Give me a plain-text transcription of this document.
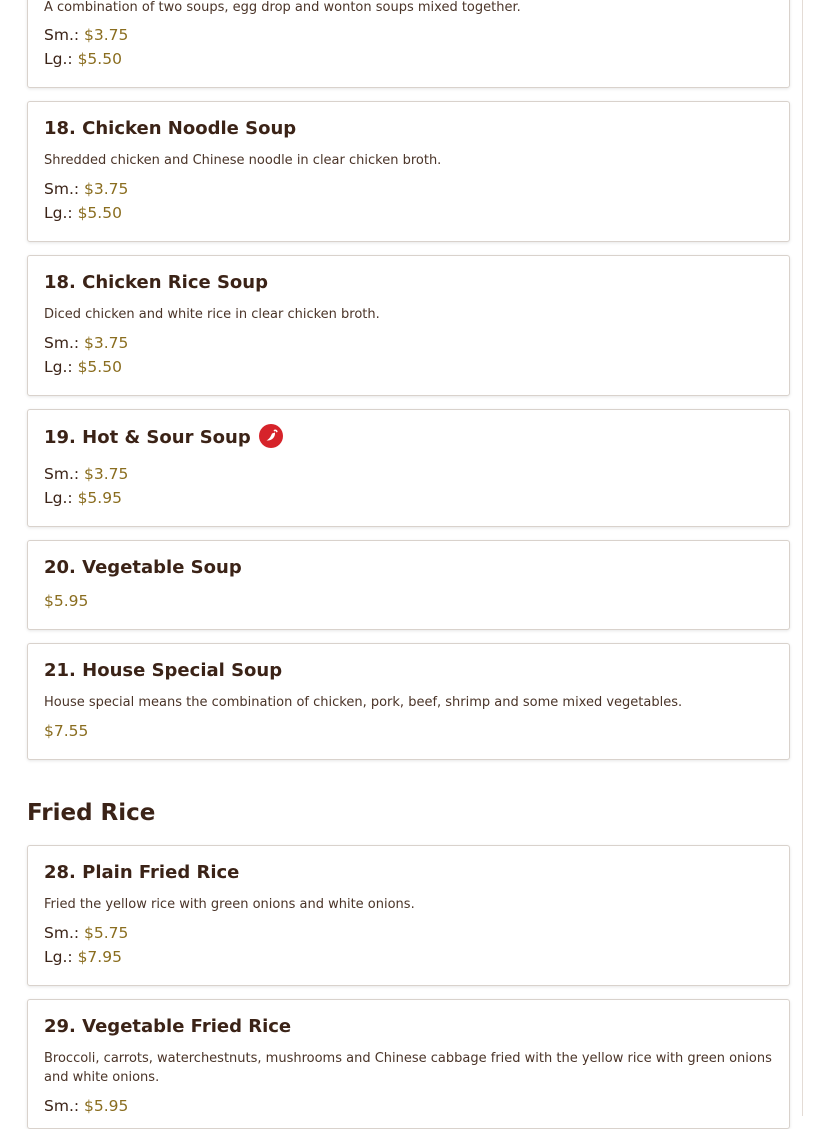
A combination of two soups, egg drop and wonton soups mixed together.
Sm.: $3.75
Lg.: $5.50
18. Chicken Noodle Soup
Shredded chicken and Chinese noodle in clear chicken broth.
Sm.: $3.75
Lg.: $5.50
18. Chicken Rice Soup
Diced chicken and white rice in clear chicken broth.
Sm.: $3.75
Lg.: $5.50
19. Hot & Sour Soup
Sm.: $3.75
Lg.: $5.95
20. Vegetable Soup
$5.95
21. House Special Soup
House special means the combination of chicken, pork, beef, shrimp and some mixed vegetables.
$7.55
Fried Rice
28. Plain Fried Rice
Fried the yellow rice with green onions and white onions.
Sm.: $5.75
Lg.: $7.95
29. Vegetable Fried Rice
Broccoli, carrots, waterchestnuts, mushrooms and Chinese cabbage fried with the yellow rice with green onions and white onions.
Sm.: $5.95
